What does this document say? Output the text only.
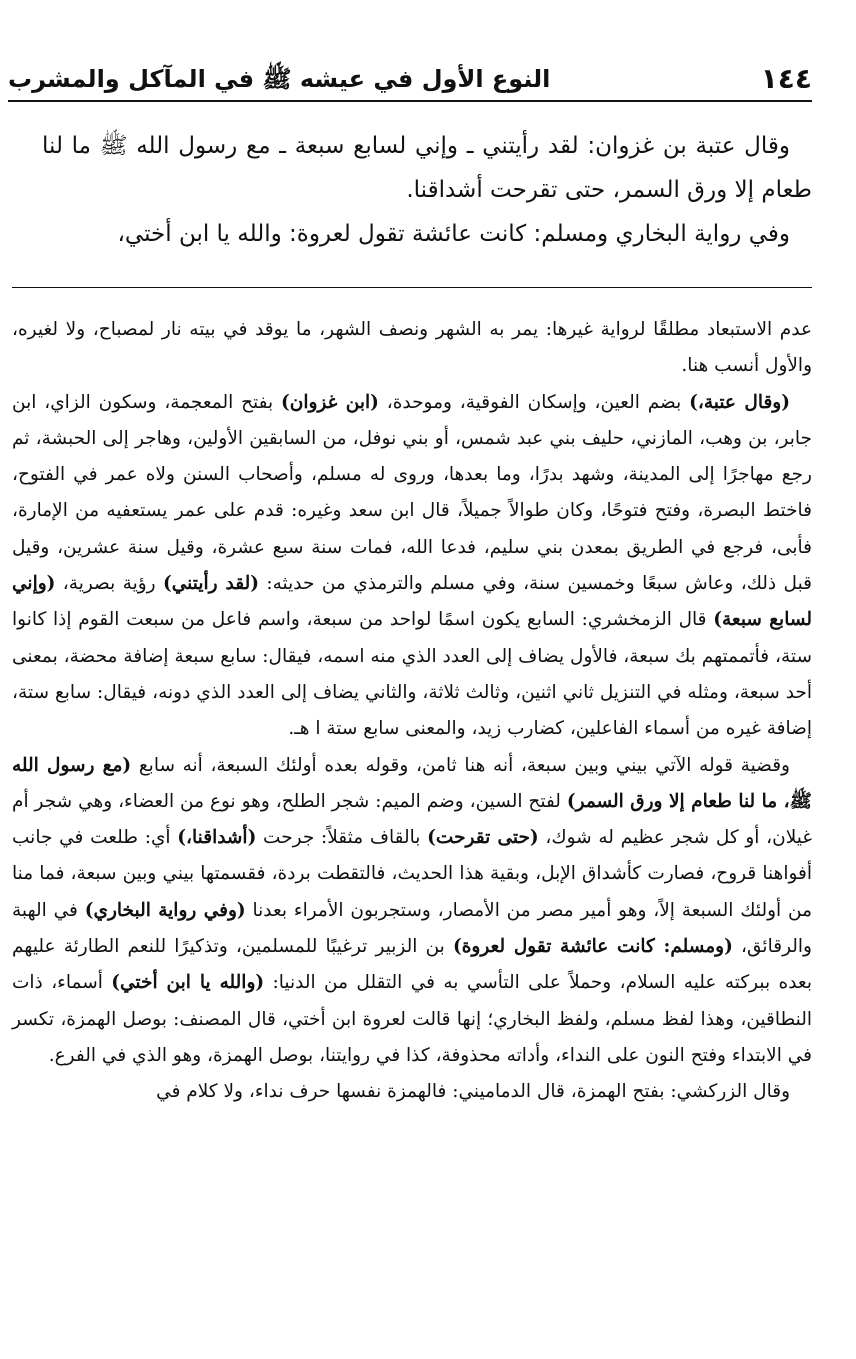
١٤٤
النوع الأول في عيشه ﷺ في المآكل والمشرب

وقال عتبة بن غزوان: لقد رأيتني ـ وإني لسابع سبعة ـ مع رسول الله ﷺ ما لنا طعام إلا ورق السمر، حتى تقرحت أشداقنا.

وفي رواية البخاري ومسلم: كانت عائشة تقول لعروة: والله يا ابن أختي،

عدم الاستبعاد مطلقًا لرواية غيرها: يمر به الشهر ونصف الشهر، ما يوقد في بيته نار لمصباح، ولا لغيره، والأول أنسب هنا.

(وقال عتبة،) بضم العين، وإسكان الفوقية، وموحدة، (ابن غزوان) بفتح المعجمة، وسكون الزاي، ابن جابر، بن وهب، المازني، حليف بني عبد شمس، أو بني نوفل، من السابقين الأولين، وهاجر إلى الحبشة، ثم رجع مهاجرًا إلى المدينة، وشهد بدرًا، وما بعدها، وروى له مسلم، وأصحاب السنن ولاه عمر في الفتوح، فاختط البصرة، وفتح فتوحًا، وكان طوالاً جميلاً، قال ابن سعد وغيره: قدم على عمر يستعفيه من الإمارة، فأبى، فرجع في الطريق بمعدن بني سليم، فدعا الله، فمات سنة سبع عشرة، وقيل سنة عشرين، وقيل قبل ذلك، وعاش سبعًا وخمسين سنة، وفي مسلم والترمذي من حديثه: (لقد رأيتني) رؤية بصرية، (وإني لسابع سبعة) قال الزمخشري: السابع يكون اسمًا لواحد من سبعة، واسم فاعل من سبعت القوم إذا كانوا ستة، فأتممتهم بك سبعة، فالأول يضاف إلى العدد الذي منه اسمه، فيقال: سابع سبعة إضافة محضة، بمعنى أحد سبعة، ومثله في التنزيل ثاني اثنين، وثالث ثلاثة، والثاني يضاف إلى العدد الذي دونه، فيقال: سابع ستة، إضافة غيره من أسماء الفاعلين، كضارب زيد، والمعنى سابع ستة ا هـ.

وقضية قوله الآتي بيني وبين سبعة، أنه هنا ثامن، وقوله بعده أولئك السبعة، أنه سابع (مع رسول الله ﷺ، ما لنا طعام إلا ورق السمر) لفتح السين، وضم الميم: شجر الطلح، وهو نوع من العضاء، وهي شجر أم غيلان، أو كل شجر عظيم له شوك، (حتى تقرحت) بالقاف مثقلاً: جرحت (أشداقنا،) أي: طلعت في جانب أفواهنا قروح، فصارت كأشداق الإبل، وبقية هذا الحديث، فالتقطت بردة، فقسمتها بيني وبين سبعة، فما منا من أولئك السبعة إلاً، وهو أمير مصر من الأمصار، وستجربون الأمراء بعدنا (وفي رواية البخاري) في الهبة والرقائق، (ومسلم: كانت عائشة تقول لعروة) بن الزبير ترغيبًا للمسلمين، وتذكيرًا للنعم الطارئة عليهم بعده ببركته عليه السلام، وحملاً على التأسي به في التقلل من الدنيا: (والله يا ابن أختي) أسماء، ذات النطاقين، وهذا لفظ مسلم، ولفظ البخاري؛ إنها قالت لعروة ابن أختي، قال المصنف: بوصل الهمزة، تكسر في الابتداء وفتح النون على النداء، وأداته محذوفة، كذا في روايتنا، بوصل الهمزة، وهو الذي في الفرع.

وقال الزركشي: بفتح الهمزة، قال الدماميني: فالهمزة نفسها حرف نداء، ولا كلام في
